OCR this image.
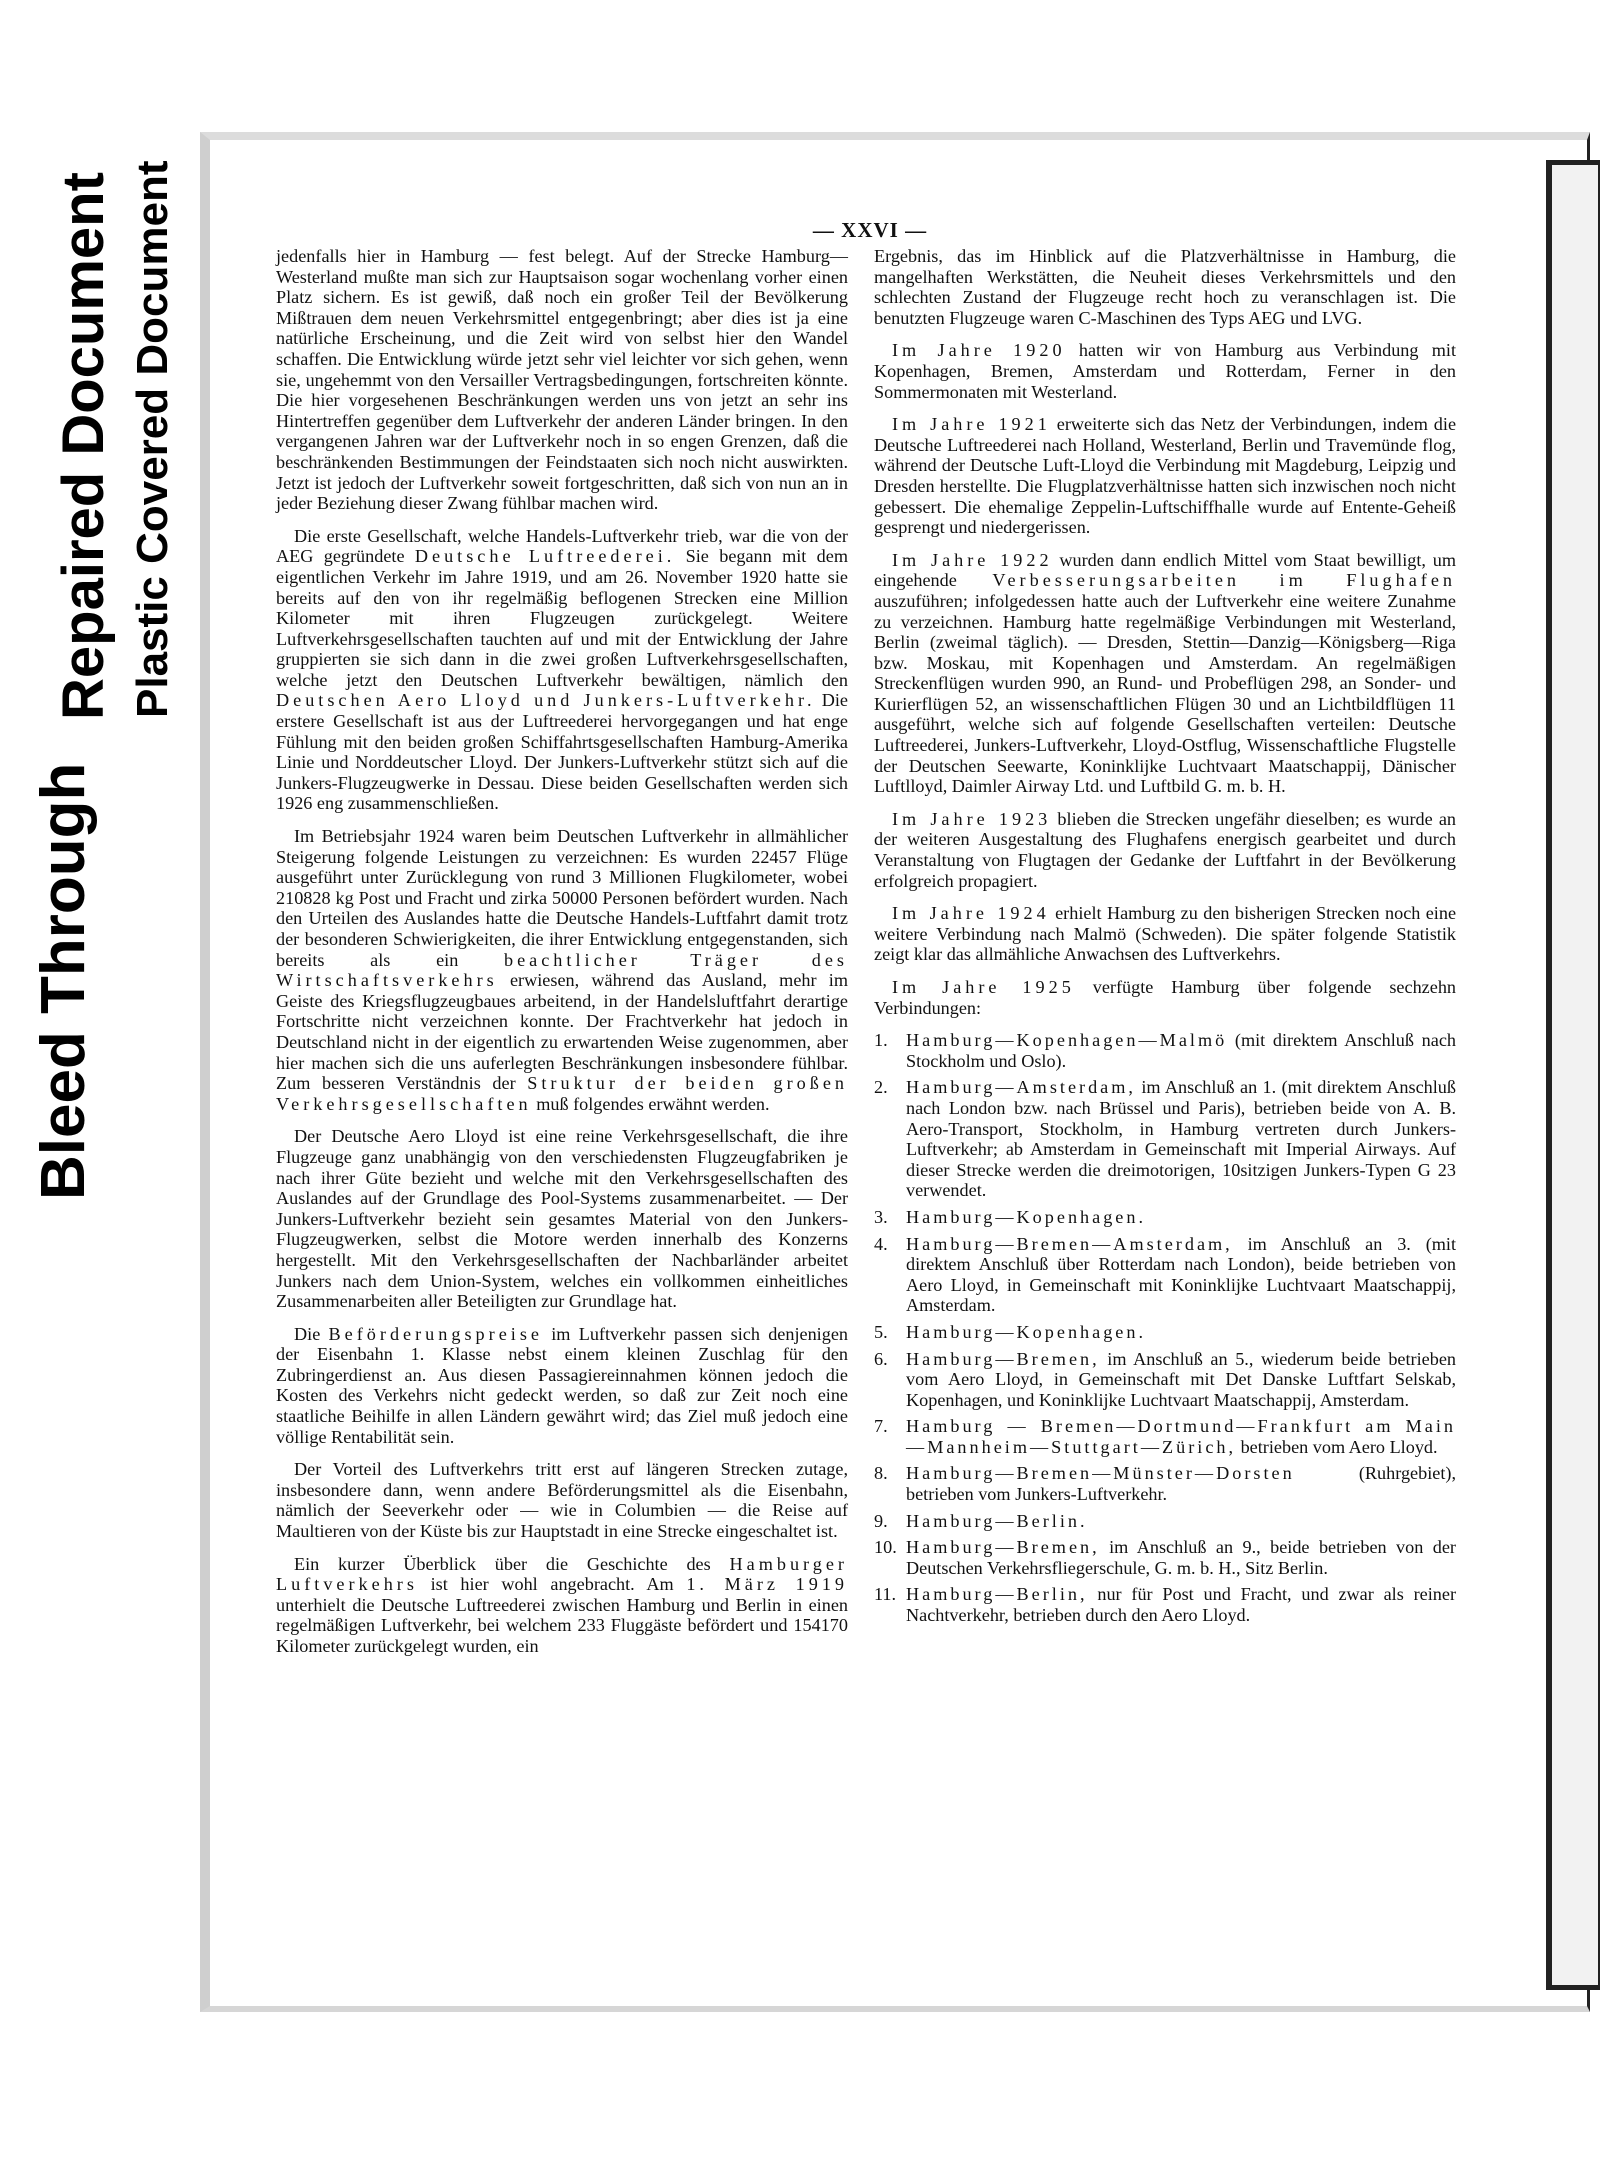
Bleed Through
Repaired Document Plastic Covered Document	— XXVI —

jedenfalls hier in Hamburg — fest belegt. Auf der Strecke Hamburg—Westerland mußte man sich zur Hauptsaison sogar wochenlang vorher einen Platz sichern. Es ist gewiß, daß noch ein großer Teil der Bevölkerung Mißtrauen dem neuen Verkehrsmittel entgegenbringt; aber dies ist ja eine natürliche Erscheinung, und die Zeit wird von selbst hier den Wandel schaffen. Die Entwicklung würde jetzt sehr viel leichter vor sich gehen, wenn sie, ungehemmt von den Versailler Vertragsbedingungen, fortschreiten könnte. Die hier vorgesehenen Beschränkungen werden uns von jetzt an sehr ins Hintertreffen gegenüber dem Luftverkehr der anderen Länder bringen. In den vergangenen Jahren war der Luftverkehr noch in so engen Grenzen, daß die beschränkenden Bestimmungen der Feindstaaten sich noch nicht auswirkten. Jetzt ist jedoch der Luftverkehr soweit fortgeschritten, daß sich von nun an in jeder Beziehung dieser Zwang fühlbar machen wird.

Die erste Gesellschaft, welche Handels-Luftverkehr trieb, war die von der AEG gegründete Deutsche Luftreederei. Sie begann mit dem eigentlichen Verkehr im Jahre 1919, und am 26. November 1920 hatte sie bereits auf den von ihr regelmäßig beflogenen Strecken eine Million Kilometer mit ihren Flugzeugen zurückgelegt. Weitere Luftverkehrsgesellschaften tauchten auf und mit der Entwicklung der Jahre gruppierten sie sich dann in die zwei großen Luftverkehrsgesellschaften, welche jetzt den Deutschen Luftverkehr bewältigen, nämlich den Deutschen Aero Lloyd und Junkers-Luftverkehr. Die erstere Gesellschaft ist aus der Luftreederei hervorgegangen und hat enge Fühlung mit den beiden großen Schiffahrtsgesellschaften Hamburg-Amerika Linie und Norddeutscher Lloyd. Der Junkers-Luftverkehr stützt sich auf die Junkers-Flugzeugwerke in Dessau. Diese beiden Gesellschaften werden sich 1926 eng zusammenschließen.

Im Betriebsjahr 1924 waren beim Deutschen Luftverkehr in allmählicher Steigerung folgende Leistungen zu verzeichnen: Es wurden 22457 Flüge ausgeführt unter Zurücklegung von rund 3 Millionen Flugkilometer, wobei 210828 kg Post und Fracht und zirka 50000 Personen befördert wurden. Nach den Urteilen des Auslandes hatte die Deutsche Handels-Luftfahrt damit trotz der besonderen Schwierigkeiten, die ihrer Entwicklung entgegenstanden, sich bereits als ein	beachtlicher Träger des Wirtschaftsverkehrs erwiesen, während das Ausland, mehr im Geiste des Kriegsflugzeugbaues arbeitend, in der Handelsluftfahrt derartige Fortschritte nicht verzeichnen konnte. Der Frachtverkehr hat jedoch in Deutschland nicht in der eigentlich zu erwartenden Weise zugenommen, aber hier machen sich die uns auferlegten Beschränkungen insbesondere fühlbar. Zum besseren Verständnis der Struktur der beiden großen Verkehrsgesellschaften muß folgendes erwähnt werden.

Der Deutsche Aero Lloyd ist eine reine Verkehrsgesellschaft, die ihre Flugzeuge ganz unabhängig von den verschiedensten Flugzeugfabriken je nach ihrer Güte bezieht und welche mit den Verkehrsgesellschaften des Auslandes auf der Grundlage des Pool-Systems zusammenarbeitet. — Der Junkers-Luftverkehr bezieht sein gesamtes Material von den Junkers-Flugzeugwerken, selbst die Motore werden innerhalb des Konzerns hergestellt. Mit den Verkehrsgesellschaften der Nachbarländer arbeitet Junkers nach dem Union-System, welches ein vollkommen einheitliches Zusammenarbeiten aller Beteiligten zur Grundlage hat.

Die Beförderungspreise im Luftverkehr passen sich denjenigen der Eisenbahn 1. Klasse nebst einem kleinen Zuschlag für den Zubringerdienst an. Aus diesen Passagiereinnahmen können jedoch die Kosten des Verkehrs nicht gedeckt werden, so daß zur Zeit noch eine staatliche Beihilfe in allen Ländern gewährt wird; das Ziel muß jedoch eine völlige Rentabilität sein.

Der Vorteil des Luftverkehrs tritt erst auf längeren Strecken zutage, insbesondere dann, wenn andere Beförderungsmittel als die Eisenbahn, nämlich der Seeverkehr oder — wie in Columbien — die Reise auf Maultieren von der Küste bis zur Hauptstadt in eine Strecke eingeschaltet ist.

Ein kurzer Überblick über die Geschichte des Hamburger Luftverkehrs ist hier wohl angebracht. Am 1. März 1919 unterhielt die Deutsche Luftreederei zwischen Hamburg und Berlin in einen regelmäßigen Luftverkehr, bei welchem 233 Fluggäste befördert und 154170 Kilometer zurückgelegt wurden, ein

Ergebnis, das im Hinblick auf die Platzverhältnisse in Hamburg, die mangelhaften Werkstätten, die Neuheit dieses Verkehrsmittels und den schlechten Zustand der Flugzeuge recht hoch zu veranschlagen ist. Die benutzten Flugzeuge waren C-Maschinen des Typs AEG und LVG.

Im Jahre 1920 hatten wir von Hamburg aus Verbindung mit Kopenhagen, Bremen, Amsterdam und Rotterdam, Ferner in den Sommermonaten mit Westerland.

Im Jahre 1921 erweiterte sich das Netz der Verbindungen, indem die Deutsche Luftreederei nach Holland, Westerland, Berlin und Travemünde flog, während der Deutsche Luft-Lloyd die Verbindung mit Magdeburg, Leipzig und Dresden herstellte. Die Flugplatzverhältnisse hatten sich inzwischen noch nicht gebessert. Die ehemalige Zeppelin-Luftschiffhalle wurde auf Entente-Geheiß gesprengt und niedergerissen.

Im Jahre 1922 wurden dann endlich Mittel vom Staat bewilligt, um eingehende Verbesserungsarbeiten im Flughafen auszuführen; infolgedessen hatte auch der Luftverkehr eine weitere Zunahme zu verzeichnen. Hamburg hatte regelmäßige Verbindungen mit Westerland, Berlin (zweimal täglich). — Dresden, Stettin—Danzig—Königsberg—Riga bzw. Moskau, mit Kopenhagen und Amsterdam. An regelmäßigen Streckenflügen wurden 990, an Rund- und Probeflügen 298, an Sonder- und Kurierflügen 52, an wissenschaftlichen Flügen 30 und an Lichtbildflügen 11 ausgeführt, welche sich auf folgende Gesellschaften verteilen: Deutsche Luftreederei, Junkers-Luftverkehr, Lloyd-Ostflug, Wissenschaftliche Flugstelle der Deutschen Seewarte, Koninklijke Luchtvaart Maatschappij, Dänischer Luftlloyd, Daimler Airway Ltd. und Luftbild G. m. b. H.

Im Jahre 1923 blieben die Strecken ungefähr dieselben; es wurde an der weiteren Ausgestaltung des Flughafens energisch gearbeitet und durch Veranstaltung von Flugtagen der Gedanke der Luftfahrt in der Bevölkerung erfolgreich propagiert.

Im Jahre 1924 erhielt Hamburg zu den bisherigen Strecken noch eine weitere Verbindung nach Malmö (Schweden). Die später folgende Statistik zeigt klar das allmähliche Anwachsen des Luftverkehrs.

Im Jahre 1925 verfügte Hamburg über folgende sechzehn Verbindungen:

1. Hamburg—Kopenhagen—Malmö (mit direktem Anschluß nach Stockholm und Oslo).
2. Hamburg—Amsterdam, im Anschluß an 1. (mit direktem Anschluß nach London bzw. nach Brüssel und Paris), betrieben beide von A. B. Aero-Transport, Stockholm, in Hamburg vertreten durch Junkers-Luftverkehr; ab Amsterdam in Gemeinschaft mit Imperial Airways. Auf dieser Strecke werden die dreimotorigen, 10sitzigen Junkers-Typen G 23 verwendet.
3. Hamburg—Kopenhagen.
4. Hamburg—Bremen—Amsterdam, im Anschluß an 3. (mit direktem Anschluß über Rotterdam nach London), beide betrieben von Aero Lloyd, in Gemeinschaft mit Koninklijke Luchtvaart Maatschappij, Amsterdam.
5. Hamburg—Kopenhagen.
6. Hamburg—Bremen, im Anschluß an 5., wiederum beide betrieben vom Aero Lloyd, in Gemeinschaft mit Det Danske Luftfart Selskab, Kopenhagen, und Koninklijke Luchtvaart Maatschappij, Amsterdam.
7. Hamburg — Bremen—Dortmund—Frankfurt am Main—Mannheim—Stuttgart—Zürich, betrieben vom Aero Lloyd.
8. Hamburg—Bremen—Münster—Dorsten	(Ruhrgebiet), betrieben vom Junkers-Luftverkehr.
9. Hamburg—Berlin.
10. Hamburg—Bremen, im Anschluß an 9., beide betrieben von der Deutschen Verkehrsfliegerschule, G. m. b. H., Sitz Berlin.
11. Hamburg—Berlin, nur für Post und Fracht, und zwar als reiner Nachtverkehr, betrieben durch den Aero Lloyd.
